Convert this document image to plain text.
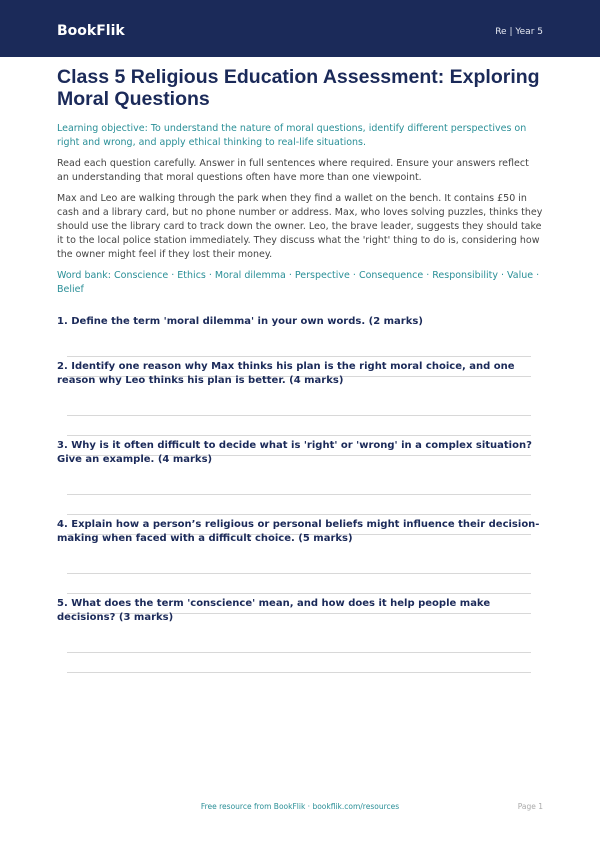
BookFlik	Re | Year 5
Class 5 Religious Education Assessment: Exploring Moral Questions

Learning objective: To understand the nature of moral questions, identify different perspectives on right and wrong, and apply ethical thinking to real-life situations.

Read each question carefully. Answer in full sentences where required. Ensure your answers reflect an understanding that moral questions often have more than one viewpoint.

Max and Leo are walking through the park when they find a wallet on the bench. It contains £50 in cash and a library card, but no phone number or address. Max, who loves solving puzzles, thinks they should use the library card to track down the owner. Leo, the brave leader, suggests they should take it to the local police station immediately. They discuss what the 'right' thing to do is, considering how the owner might feel if they lost their money.

Word bank: Conscience · Ethics · Moral dilemma · Perspective · Consequence · Responsibility · Value · Belief

1. Define the term 'moral dilemma' in your own words. (2 marks)

2. Identify one reason why Max thinks his plan is the right moral choice, and one reason why Leo thinks his plan is better. (4 marks)

3. Why is it often difficult to decide what is 'right' or 'wrong' in a complex situation? Give an example. (4 marks)

4. Explain how a person’s religious or personal beliefs might influence their decision-making when faced with a difficult choice. (5 marks)

5. What does the term 'conscience' mean, and how does it help people make decisions? (3 marks)

Free resource from BookFlik · bookflik.com/resources	Page 1
